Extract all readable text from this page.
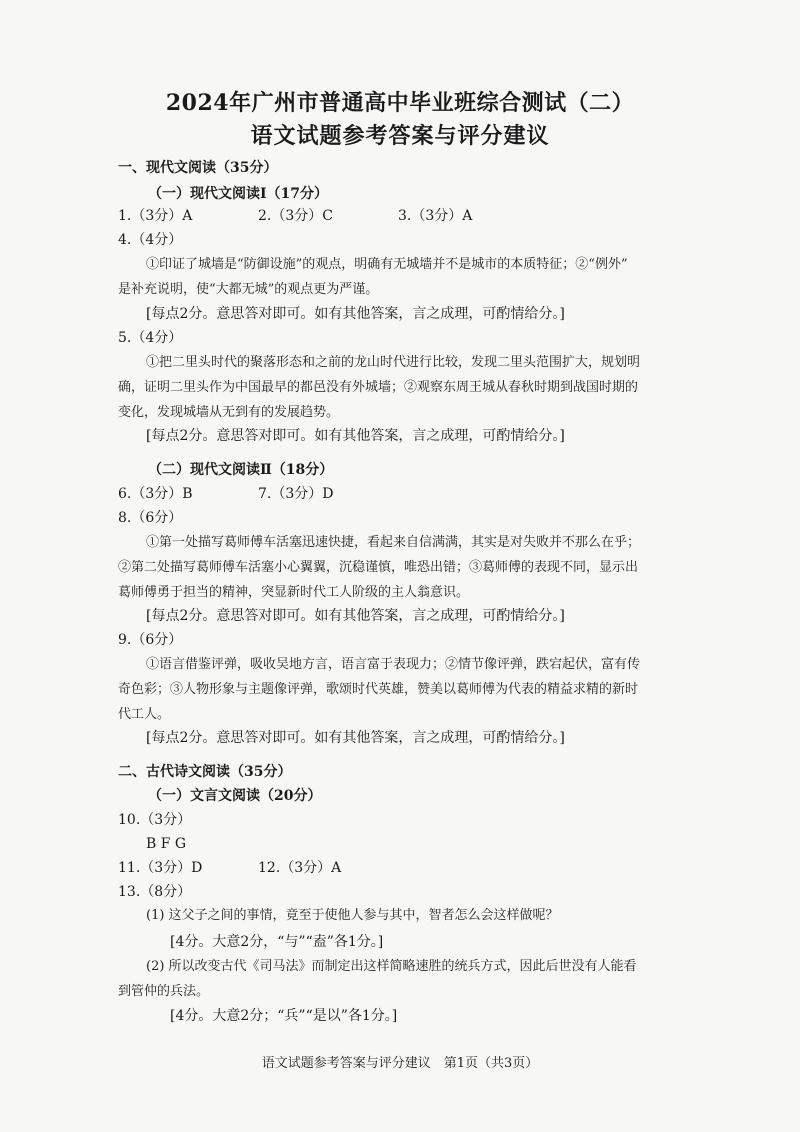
2024年广州市普通高中毕业班综合测试（二）
语文试题参考答案与评分建议
一、现代文阅读（35分）
（一）现代文阅读Ⅰ（17分）
1.（3分）A	2.（3分）C	3.（3分）A
4.（4分）
①印证了城墙是“防御设施”的观点，明确有无城墙并不是城市的本质特征；②“例外”
是补充说明，使“大都无城”的观点更为严谨。
[每点2分。意思答对即可。如有其他答案，言之成理，可酌情给分。]
5.（4分）
①把二里头时代的聚落形态和之前的龙山时代进行比较，发现二里头范围扩大，规划明
确，证明二里头作为中国最早的都邑没有外城墙；②观察东周王城从春秋时期到战国时期的
变化，发现城墙从无到有的发展趋势。
[每点2分。意思答对即可。如有其他答案，言之成理，可酌情给分。]
（二）现代文阅读Ⅱ（18分）
6.（3分）B	7.（3分）D
8.（6分）
①第一处描写葛师傅车活塞迅速快捷，看起来自信满满，其实是对失败并不那么在乎；
②第二处描写葛师傅车活塞小心翼翼，沉稳谨慎，唯恐出错；③葛师傅的表现不同，显示出
葛师傅勇于担当的精神，突显新时代工人阶级的主人翁意识。
[每点2分。意思答对即可。如有其他答案，言之成理，可酌情给分。]
9.（6分）
①语言借鉴评弹，吸收吴地方言，语言富于表现力；②情节像评弹，跌宕起伏，富有传
奇色彩；③人物形象与主题像评弹，歌颂时代英雄，赞美以葛师傅为代表的精益求精的新时
代工人。
[每点2分。意思答对即可。如有其他答案，言之成理，可酌情给分。]
二、古代诗文阅读（35分）
（一）文言文阅读（20分）
10.（3分）
B F G
11.（3分）D	12.（3分）A
13.（8分）
(1) 这父子之间的事情，竟至于使他人参与其中，智者怎么会这样做呢？
[4分。大意2分，“与”“盍”各1分。]
(2) 所以改变古代《司马法》而制定出这样简略速胜的统兵方式，因此后世没有人能看
到管仲的兵法。
[4分。大意2分；“兵”“是以”各1分。]
语文试题参考答案与评分建议　第1页（共3页）
